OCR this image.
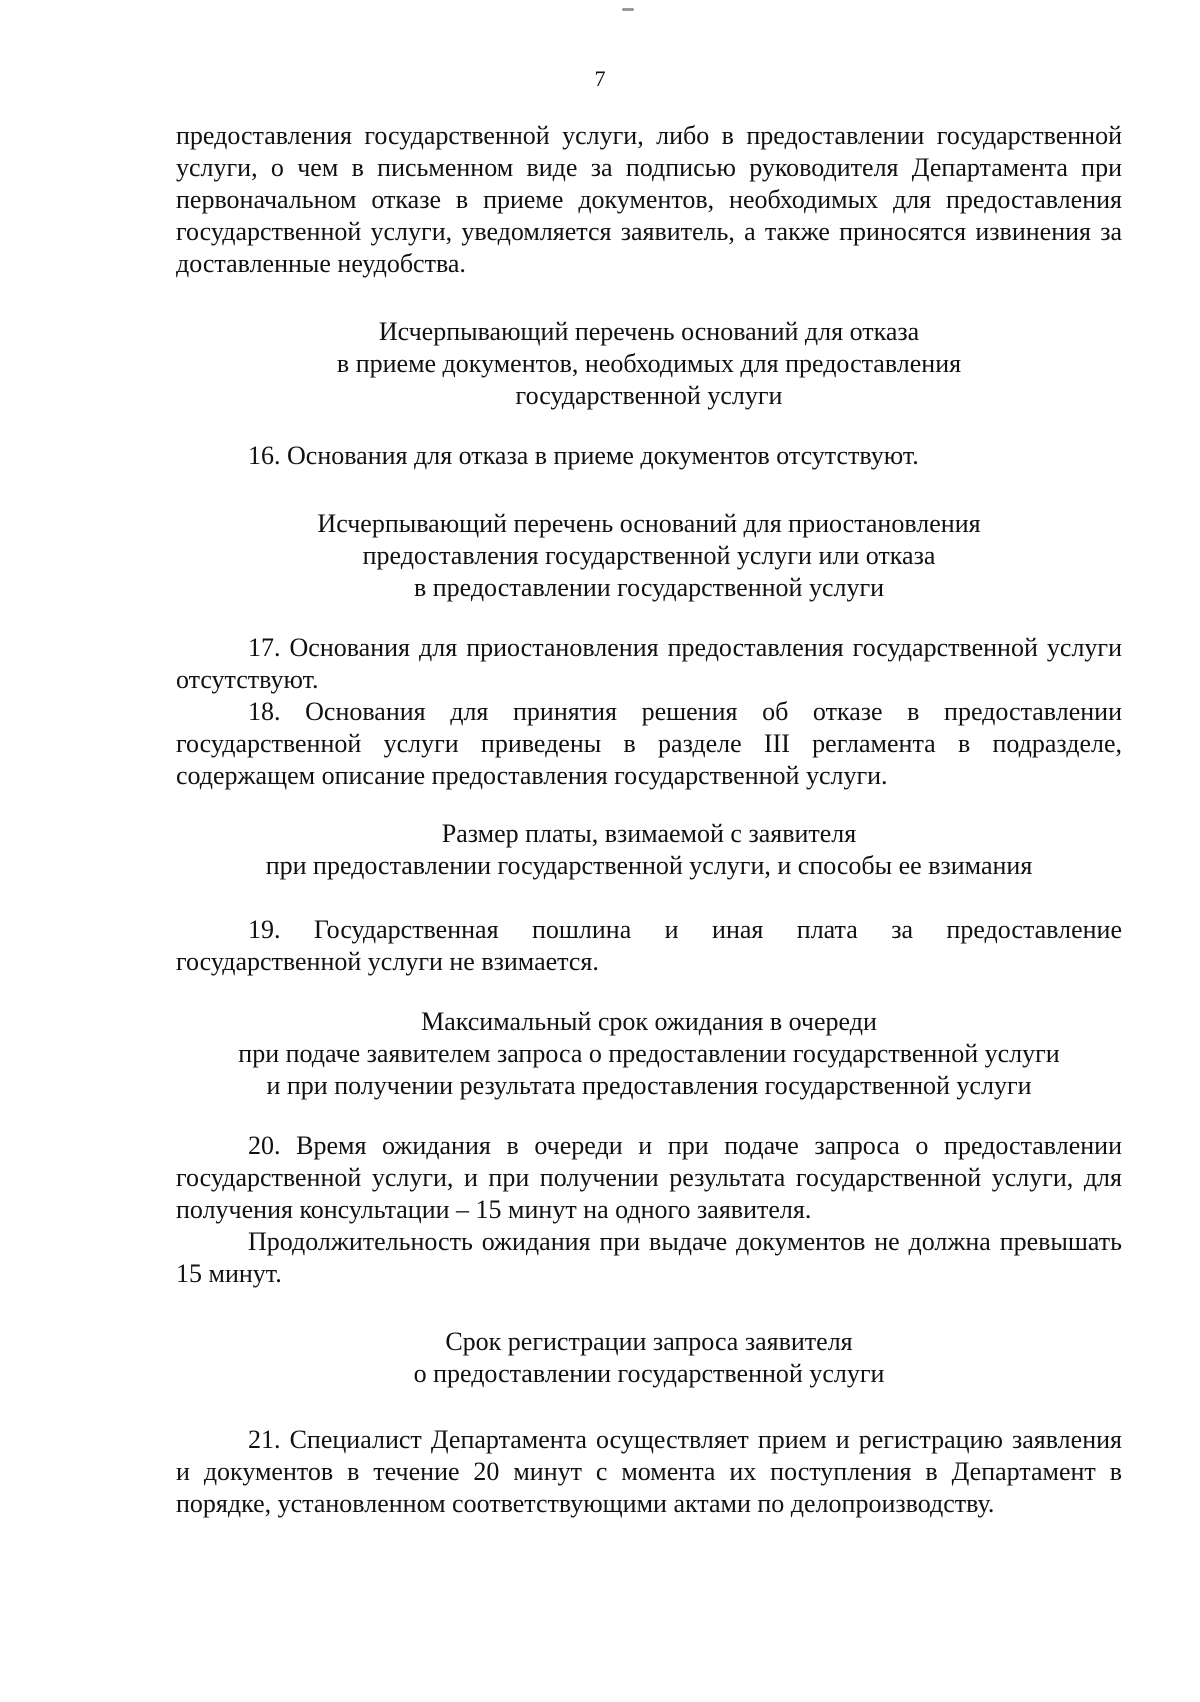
7

предоставления государственной услуги, либо в предоставлении государственной услуги, о чем в письменном виде за подписью руководителя Департамента при первоначальном отказе в приеме документов, необходимых для предоставления государственной услуги, уведомляется заявитель, а также приносятся извинения за доставленные неудобства.

Исчерпывающий перечень оснований для отказа
в приеме документов, необходимых для предоставления
государственной услуги

16. Основания для отказа в приеме документов отсутствуют.

Исчерпывающий перечень оснований для приостановления
предоставления государственной услуги или отказа
в предоставлении государственной услуги

17. Основания для приостановления предоставления государственной услуги отсутствуют.

18. Основания для принятия решения об отказе в предоставлении государственной услуги приведены в разделе III регламента в подразделе, содержащем описание предоставления государственной услуги.

Размер платы, взимаемой с заявителя
при предоставлении государственной услуги, и способы ее взимания

19. Государственная пошлина и иная плата за предоставление государственной услуги не взимается.

Максимальный срок ожидания в очереди
при подаче заявителем запроса о предоставлении государственной услуги
и при получении результата предоставления государственной услуги

20. Время ожидания в очереди и при подаче запроса о предоставлении государственной услуги, и при получении результата государственной услуги, для получения консультации – 15 минут на одного заявителя.

Продолжительность ожидания при выдаче документов не должна превышать 15 минут.

Срок регистрации запроса заявителя
о предоставлении государственной услуги

21. Специалист Департамента осуществляет прием и регистрацию заявления и документов в течение 20 минут с момента их поступления в Департамент в порядке, установленном соответствующими актами по делопроизводству.
